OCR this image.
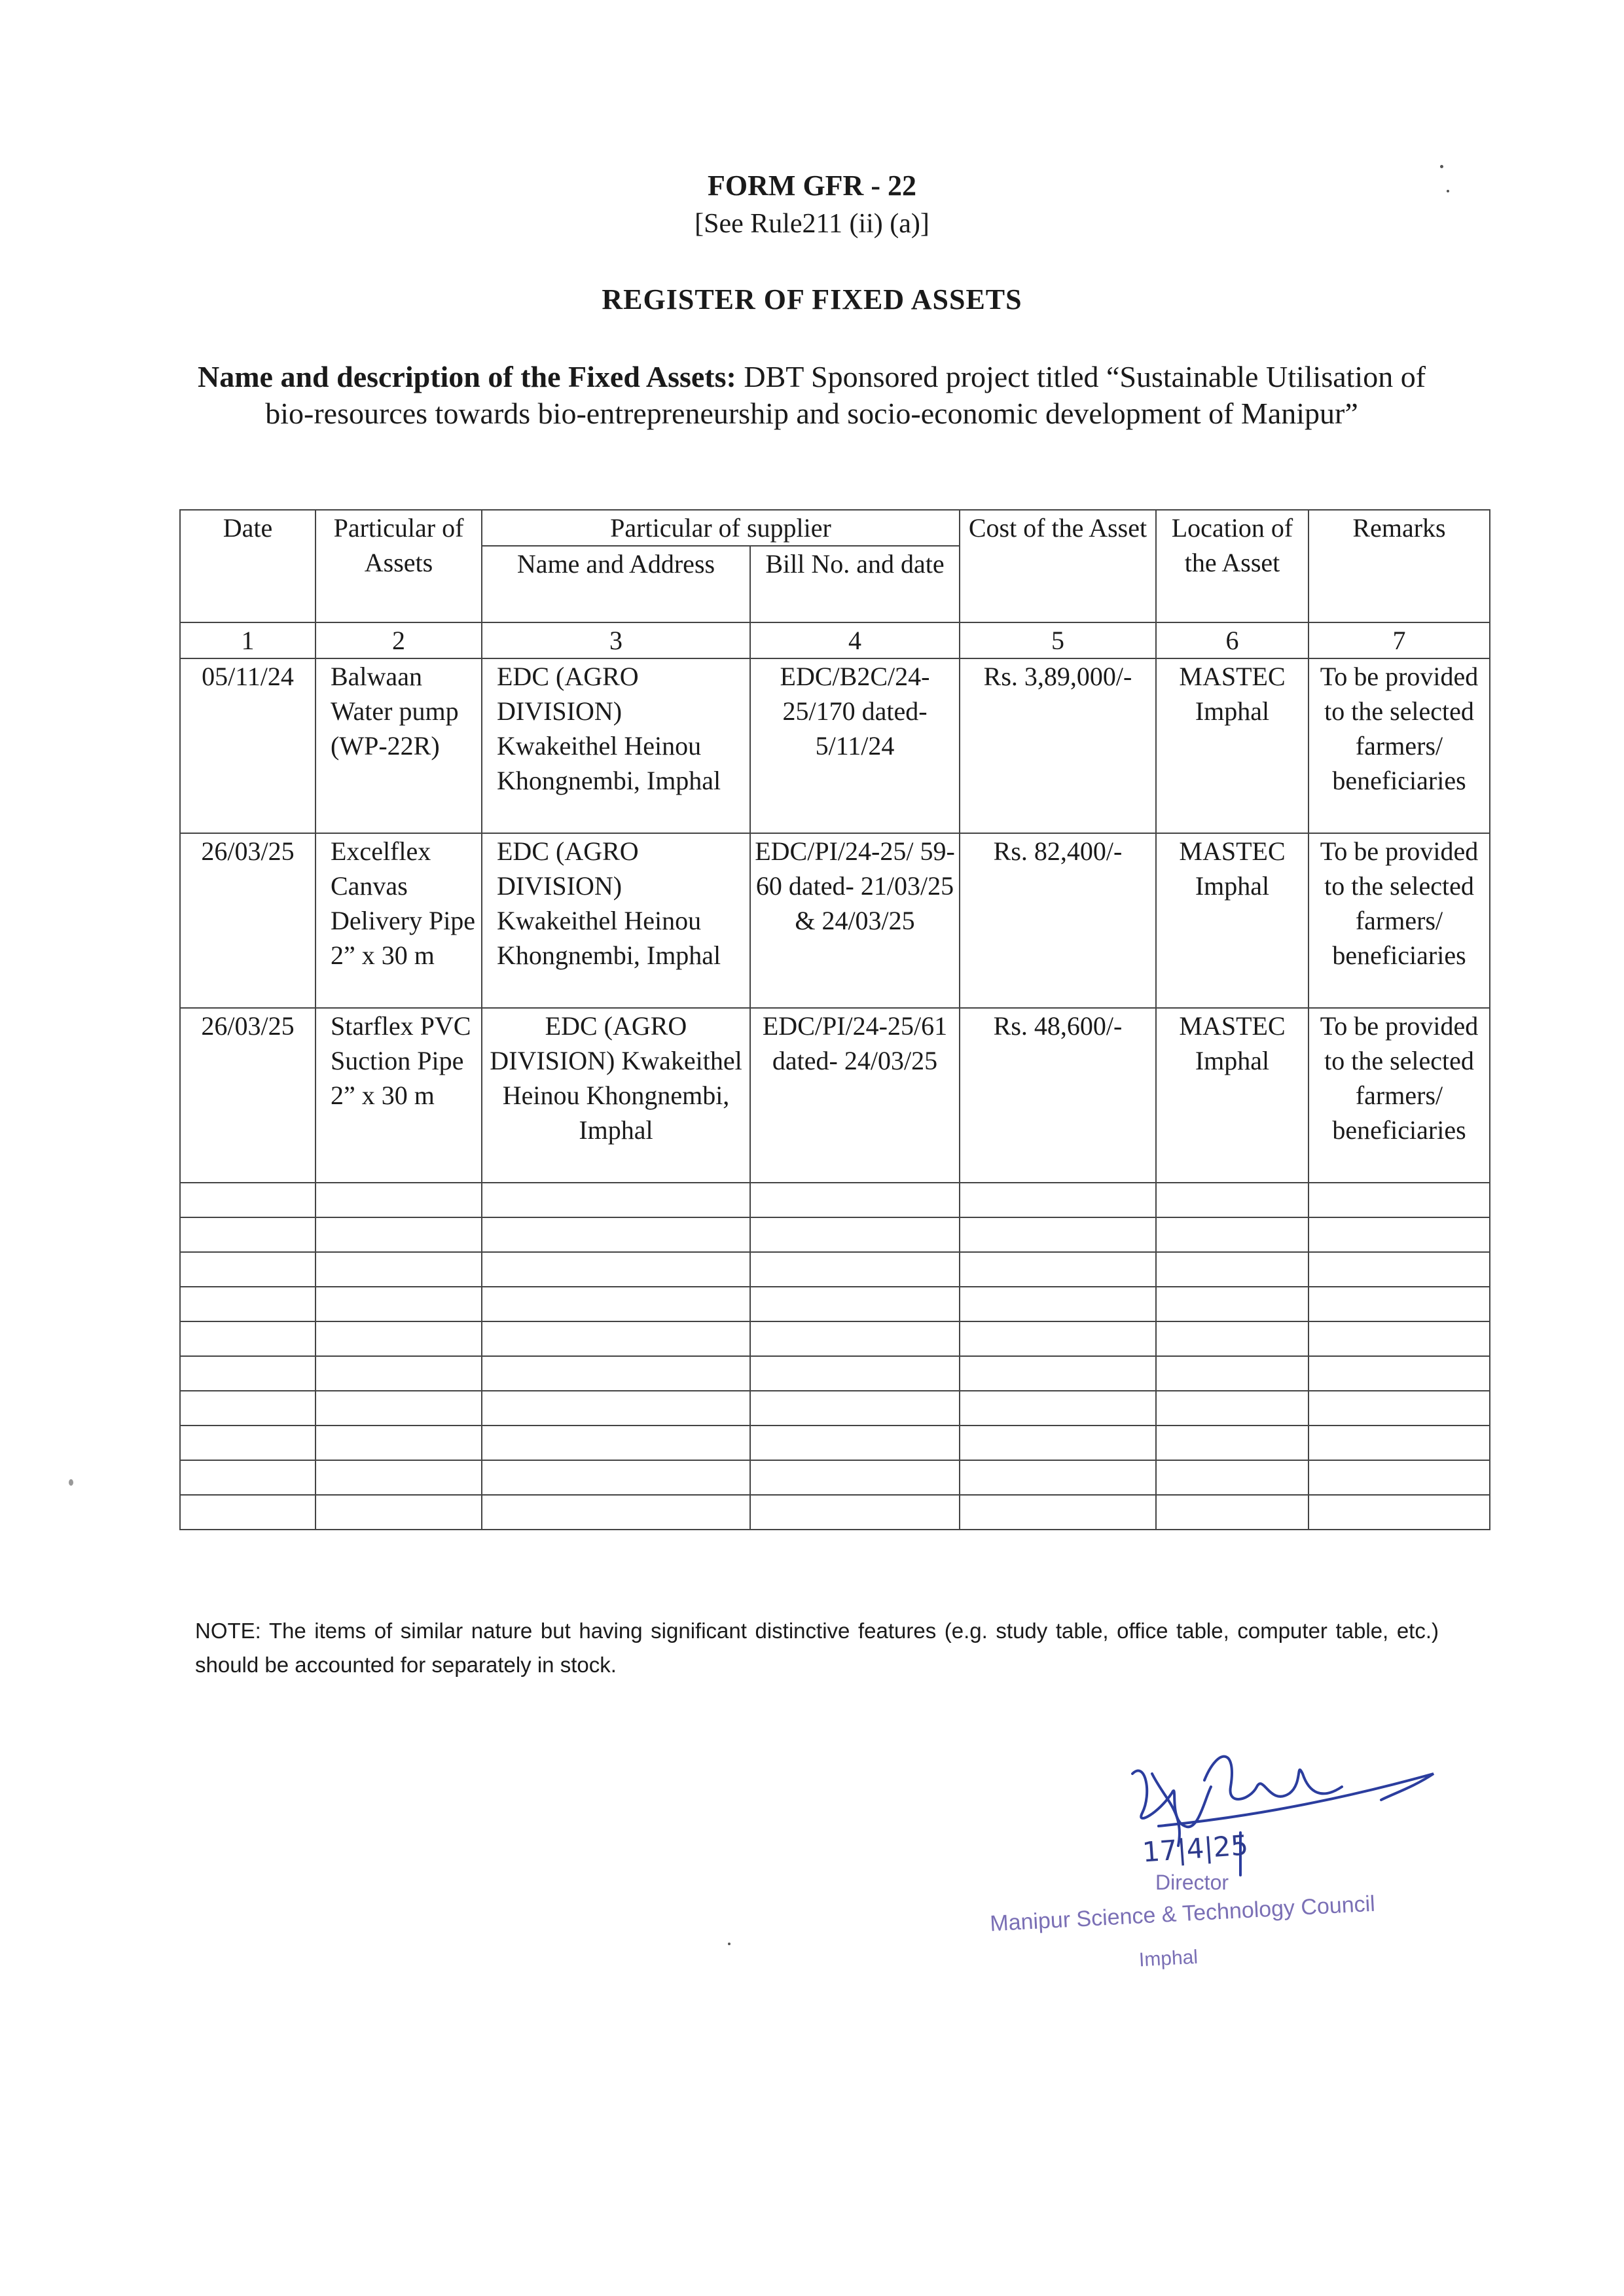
FORM GFR - 22
[See Rule211 (ii) (a)]
REGISTER OF FIXED ASSETS
Name and description of the Fixed Assets: DBT Sponsored project titled “Sustainable Utilisation of bio-resources towards bio-entrepreneurship and socio-economic development of Manipur”
Date	Particular of Assets	Particular of supplier		Cost of the Asset	Location of the Asset	Remarks
		Name and Address	Bill No. and date			
1	2	3	4	5	6	7
05/11/24	Balwaan Water pump (WP-22R)	EDC (AGRO DIVISION) Kwakeithel Heinou Khongnembi, Imphal	EDC/B2C/24-25/170 dated- 5/11/24	Rs. 3,89,000/-	MASTEC Imphal	To be provided to the selected farmers/ beneficiaries
26/03/25	Excelflex Canvas Delivery Pipe 2” x 30 m	EDC (AGRO DIVISION) Kwakeithel Heinou Khongnembi, Imphal	EDC/PI/24-25/ 59-60 dated- 21/03/25 & 24/03/25	Rs. 82,400/-	MASTEC Imphal	To be provided to the selected farmers/ beneficiaries
26/03/25	Starflex PVC Suction Pipe 2” x 30 m	EDC (AGRO DIVISION) Kwakeithel Heinou Khongnembi, Imphal	EDC/PI/24-25/61 dated- 24/03/25	Rs. 48,600/-	MASTEC Imphal	To be provided to the selected farmers/ beneficiaries

NOTE: The items of similar nature but having significant distinctive features (e.g. study table, office table, computer table, etc.) should be accounted for separately in stock.
17|4|25
Director
Manipur Science & Technology Council
Imphal
